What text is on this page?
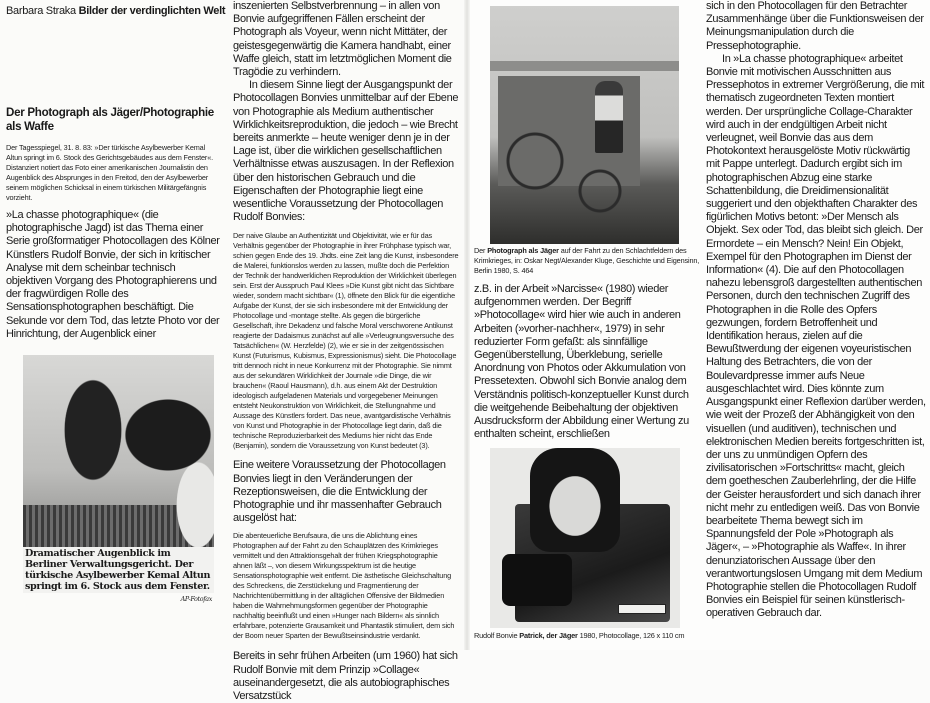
Barbara Straka Bilder der verdinglichten Welt
Der Photograph als Jäger/Photographie als Waffe

Der Tagesspiegel, 31. 8. 83: »Der türkische Asylbewerber Kemal Altun springt im 6. Stock des Gerichtsgebäudes aus dem Fenster«. Distanziert notiert das Foto einer amerikanischen Journalistin den Augenblick des Absprunges in den Freitod, den der Asylbewerber seinem möglichen Schicksal in einem türkischen Militärgefängnis vorzieht.

»La chasse photographique« (die photographische Jagd) ist das Thema einer Serie großformatiger Photocollagen des Kölner Künstlers Rudolf Bonvie, der sich in kritischer Analyse mit dem scheinbar technisch objektiven Vorgang des Photographierens und der fragwürdigen Rolle des Sensationsphotographen beschäftigt. Die Sekunde vor dem Tod, das letzte Photo vor der Hinrichtung, der Augenblick einer

Dramatischer Augenblick im Berliner Verwaltungsgericht. Der türkische Asylbewerber Kemal Altun springt im 6. Stock aus dem Fenster.
AP-Fotofax

inszenierten Selbstverbrennung – in allen von Bonvie aufgegriffenen Fällen erscheint der Photograph als Voyeur, wenn nicht Mittäter, der geistesgegenwärtig die Kamera handhabt, einer Waffe gleich, statt im letztmöglichen Moment die Tragödie zu verhindern.

In diesem Sinne liegt der Ausgangspunkt der Photocollagen Bonvies unmittelbar auf der Ebene von Photographie als Medium authentischer Wirklichkeitsreproduktion, die jedoch – wie Brecht bereits anmerkte – heute weniger denn je in der Lage ist, über die wirklichen gesellschaftlichen Verhältnisse etwas auszusagen. In der Reflexion über den historischen Gebrauch und die Eigenschaften der Photographie liegt eine wesentliche Voraussetzung der Photocollagen Rudolf Bonvies:

Der naive Glaube an Authentizität und Objektivität, wie er für das Verhältnis gegenüber der Photographie in ihrer Frühphase typisch war, schien gegen Ende des 19. Jhdts. eine Zeit lang die Kunst, insbesondere die Malerei, funktionslos werden zu lassen, mußte doch die Perfektion der Technik der handwerklichen Reproduktion der Wirklichkeit überlegen sein. Erst der Ausspruch Paul Klees »Die Kunst gibt nicht das Sichtbare wieder, sondern macht sichtbar« (1), öffnete den Blick für die eigentliche Aufgabe der Kunst, der sie sich insbesondere mit der Entwicklung der Photocollage und -montage stellte. Als gegen die bürgerliche Gesellschaft, ihre Dekadenz und falsche Moral verschworene Antikunst reagierte der Dadaismus zunächst auf alle »Verleugnungsversuche des Tatsächlichen« (W. Herzfelde) (2), wie er sie in der zeitgenössischen Kunst (Futurismus, Kubismus, Expressionismus) sieht. Die Photocollage tritt dennoch nicht in neue Konkurrenz mit der Photographie. Sie nimmt aus der sekundären Wirklichkeit der Journale »die Dinge, die wir brauchen« (Raoul Hausmann), d.h. aus einem Akt der Destruktion ideologisch aufgeladenen Materials und vorgegebener Meinungen entsteht Neukonstruktion von Wirklichkeit, die Stellungnahme und Aussage des Künstlers fordert. Das neue, avantgardistische Verhältnis von Kunst und Photographie in der Photocollage liegt darin, daß die technische Reproduzierbarkeit des Mediums hier nicht das Ende (Benjamin), sondern die Voraussetzung von Kunst bedeutet (3).

Eine weitere Voraussetzung der Photocollagen Bonvies liegt in den Veränderungen der Rezeptionsweisen, die die Entwicklung der Photographie und ihr massenhafter Gebrauch ausgelöst hat:

Die abenteuerliche Berufsaura, die uns die Ablichtung eines Photographen auf der Fahrt zu den Schauplätzen des Krimkrieges vermittelt und den Attraktionsgehalt der frühen Kriegsphotographie ahnen läßt –, von diesem Wirkungsspektrum ist die heutige Sensationsphotographie weit entfernt. Die ästhetische Gleichschaltung des Schreckens, die Zerstückelung und Fragmentierung der Nachrichtenübermittlung in der alltäglichen Offensive der Bildmedien haben die Wahrnehmungsformen gegenüber der Photographie nachhaltig beeinflußt und einen »Hunger nach Bildern« als sinnlich erfahrbare, potenzierte Grausamkeit und Phantastik stimuliert, dem sich der Boom neuer Sparten der Bewußtseinsindustrie verdankt.

Bereits in sehr frühen Arbeiten (um 1960) hat sich Rudolf Bonvie mit dem Prinzip »Collage« auseinandergesetzt, die als autobiographisches Versatzstück

Der Photograph als Jäger auf der Fahrt zu den Schlachtfeldern des Krimkrieges, in: Oskar Negt/Alexander Kluge, Geschichte und Eigensinn, Berlin 1980, S. 464

z.B. in der Arbeit »Narcisse« (1980) wieder aufgenommen werden. Der Begriff »Photocollage« wird hier wie auch in anderen Arbeiten (»vorher-nachher«, 1979) in sehr reduzierter Form gefaßt: als sinnfällige Gegenüberstellung, Überklebung, serielle Anordnung von Photos oder Akkumulation von Pressetexten. Obwohl sich Bonvie analog dem Verständnis politisch-konzeptueller Kunst durch die weitgehende Beibehaltung der objektiven Ausdrucksform der Abbildung einer Wertung zu enthalten scheint, erschließen

Rudolf Bonvie Patrick, der Jäger 1980, Photocollage, 126 x 110 cm

sich in den Photocollagen für den Betrachter Zusammenhänge über die Funktionsweisen der Meinungsmanipulation durch die Pressephotographie.

In »La chasse photographique« arbeitet Bonvie mit motivischen Ausschnitten aus Pressephotos in extremer Vergrößerung, die mit thematisch zugeordneten Texten montiert werden. Der ursprüngliche Collage-Charakter wird auch in der endgültigen Arbeit nicht verleugnet, weil Bonvie das aus dem Photokontext herausgelöste Motiv rückwärtig mit Pappe unterlegt. Dadurch ergibt sich im photographischen Abzug eine starke Schattenbildung, die Dreidimensionalität suggeriert und den objekthaften Charakter des figürlichen Motivs betont: »Der Mensch als Objekt. Sex oder Tod, das bleibt sich gleich. Der Ermordete – ein Mensch? Nein! Ein Objekt, Exempel für den Photographen im Dienst der Information« (4). Die auf den Photocollagen nahezu lebensgroß dargestellten authentischen Personen, durch den technischen Zugriff des Photographen in die Rolle des Opfers gezwungen, fordern Betroffenheit und Identifikation heraus, zielen auf die Bewußtwerdung der eigenen voyeuristischen Haltung des Betrachters, die von der Boulevardpresse immer aufs Neue ausgeschlachtet wird. Dies könnte zum Ausgangspunkt einer Reflexion darüber werden, wie weit der Prozeß der Abhängigkeit von den visuellen (und auditiven), technischen und elektronischen Medien bereits fortgeschritten ist, der uns zu unmündigen Opfern des zivilisatorischen »Fortschritts« macht, gleich dem goetheschen Zauberlehrling, der die Hilfe der Geister herausfordert und sich danach ihrer nicht mehr zu entledigen weiß. Das von Bonvie bearbeitete Thema bewegt sich im Spannungsfeld der Pole »Photograph als Jäger«, – »Photographie als Waffe«. In ihrer denunziatorischen Aussage über den verantwortungslosen Umgang mit dem Medium Photographie stellen die Photocollagen Rudolf Bonvies ein Beispiel für seinen künstlerisch-operativen Gebrauch dar.
